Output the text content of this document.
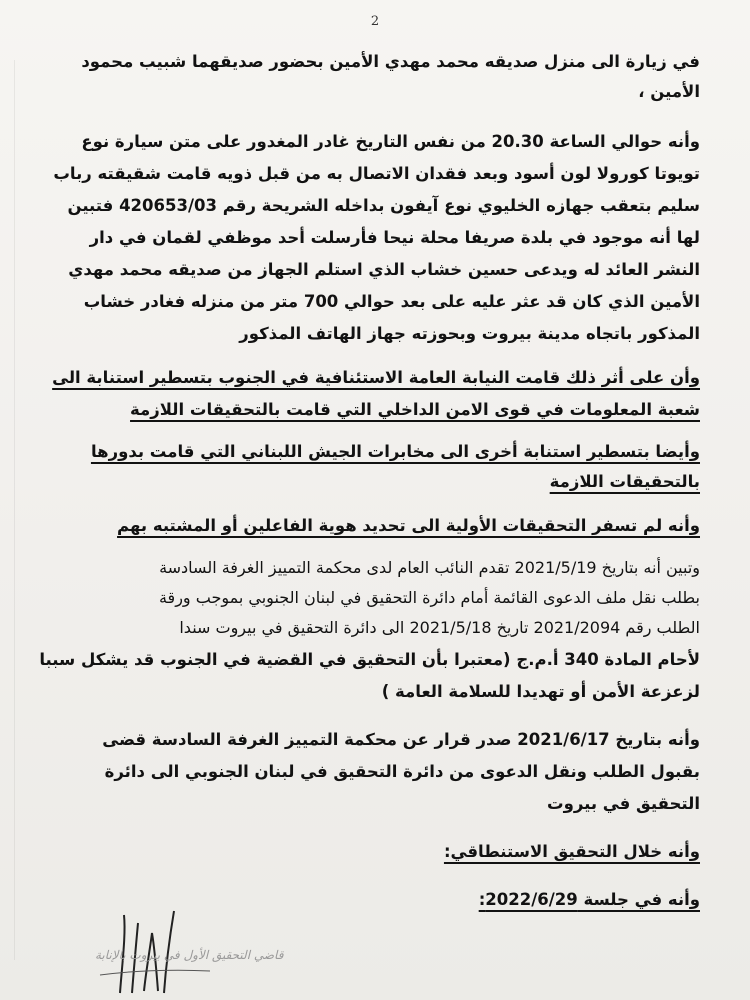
2
في زيارة الى منزل صديقه محمد مهدي الأمين بحضور صديقهما شبيب محمود
الأمين ،
وأنه حوالي الساعة 20.30 من نفس التاريخ غادر المغدور على متن سيارة نوع
تويوتا كورولا لون أسود وبعد فقدان الاتصال به من قبل ذويه قامت شقيقته رباب
سليم بتعقب جهازه الخليوي نوع آيفون بداخله الشريحة رقم 420653/03 فتبين
لها أنه موجود في بلدة صريفا محلة نيحا فأرسلت أحد موظفي لقمان في دار
النشر العائد له ويدعى حسين خشاب الذي استلم الجهاز من صديقه محمد مهدي
الأمين الذي كان قد عثر عليه على بعد حوالي 700 متر من منزله فغادر خشاب
المذكور باتجاه مدينة بيروت وبحوزته جهاز الهاتف المذكور
وأن على أثر ذلك قامت النيابة العامة الاستئنافية في الجنوب بتسطير استنابة الى
شعبة المعلومات في قوى الامن الداخلي التي قامت بالتحقيقات اللازمة
وأيضا بتسطير استنابة أخرى الى مخابرات الجيش اللبناني التي قامت بدورها
بالتحقيقات اللازمة
وأنه لم تسفر التحقيقات الأولية الى تحديد هوية الفاعلين أو المشتبه بهم
وتبين أنه بتاريخ 2021/5/19 تقدم النائب العام لدى محكمة التمييز الغرفة السادسة
بطلب نقل ملف الدعوى القائمة أمام دائرة التحقيق في لبنان الجنوبي بموجب ورقة
الطلب رقم 2021/2094 تاريخ 2021/5/18 الى دائرة التحقيق في بيروت سندا
لأحام المادة 340 أ.م.ج (معتبرا بأن التحقيق في القضية في الجنوب قد يشكل سببا
لزعزعة الأمن أو تهديدا للسلامة العامة )
وأنه بتاريخ 2021/6/17 صدر قرار عن محكمة التمييز الغرفة السادسة قضى
بقبول الطلب ونقل الدعوى من دائرة التحقيق في لبنان الجنوبي الى دائرة
التحقيق في بيروت
وأنه خلال التحقيق الاستنطاقي:
وأنه في جلسة 2022/6/29:
قاضي التحقيق الأول في بيروت بالإنابة
